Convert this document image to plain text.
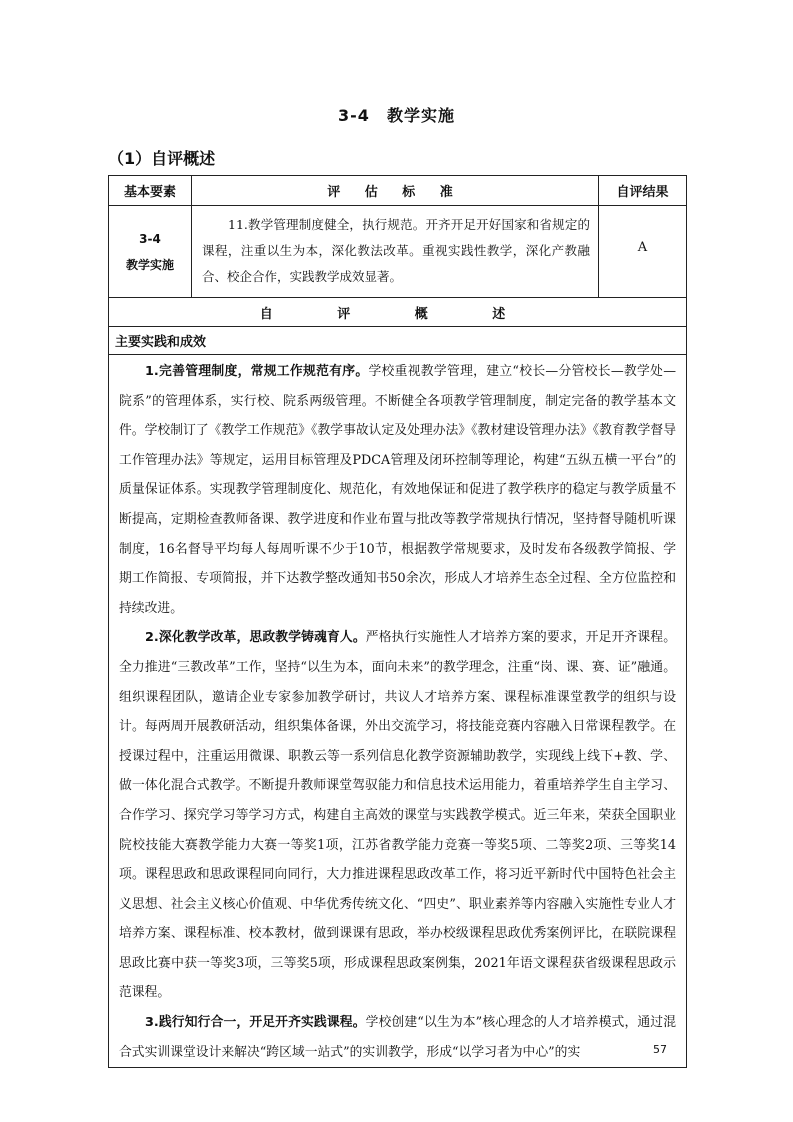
3-4　教学实施
（1）自评概述
基本要素	评 估 标 准	自评结果

3-4
教学实施	11.教学管理制度健全，执行规范。开齐开足开好国家和省规定的课程，注重以生为本，深化教法改革。重视实践性教学，深化产教融合、校企合作，实践教学成效显著。	A
自 评 概 述		
主要实践和成效		

1.完善管理制度，常规工作规范有序。学校重视教学管理，建立“校长—分管校长—教学处—院系”的管理体系，实行校、院系两级管理。不断健全各项教学管理制度，制定完备的教学基本文件。学校制订了《教学工作规范》《教学事故认定及处理办法》《教材建设管理办法》《教育教学督导工作管理办法》等规定，运用目标管理及PDCA管理及闭环控制等理论，构建“五纵五横一平台”的质量保证体系。实现教学管理制度化、规范化，有效地保证和促进了教学秩序的稳定与教学质量不断提高，定期检查教师备课、教学进度和作业布置与批改等教学常规执行情况，坚持督导随机听课制度，16名督导平均每人每周听课不少于10节，根据教学常规要求，及时发布各级教学简报、学期工作简报、专项简报，并下达教学整改通知书50余次，形成人才培养生态全过程、全方位监控和持续改进。

2.深化教学改革，思政教学铸魂育人。严格执行实施性人才培养方案的要求，开足开齐课程。全力推进“三教改革”工作，坚持“以生为本，面向未来”的教学理念，注重“岗、课、赛、证”融通。组织课程团队，邀请企业专家参加教学研讨，共议人才培养方案、课程标准课堂教学的组织与设计。每两周开展教研活动，组织集体备课，外出交流学习，将技能竞赛内容融入日常课程教学。在授课过程中，注重运用微课、职教云等一系列信息化教学资源辅助教学，实现线上线下+教、学、做一体化混合式教学。不断提升教师课堂驾驭能力和信息技术运用能力，着重培养学生自主学习、合作学习、探究学习等学习方式，构建自主高效的课堂与实践教学模式。近三年来，荣获全国职业院校技能大赛教学能力大赛一等奖1项，江苏省教学能力竞赛一等奖5项、二等奖2项、三等奖14项。课程思政和思政课程同向同行，大力推进课程思政改革工作，将习近平新时代中国特色社会主义思想、社会主义核心价值观、中华优秀传统文化、“四史”、职业素养等内容融入实施性专业人才培养方案、课程标准、校本教材，做到课课有思政，举办校级课程思政优秀案例评比，在联院课程思政比赛中获一等奖3项，三等奖5项，形成课程思政案例集，2021年语文课程获省级课程思政示范课程。

3.践行知行合一，开足开齐实践课程。学校创建“以生为本”核心理念的人才培养模式，通过混合式实训课堂设计来解决“跨区域一站式”的实训教学，形成“以学习者为中心”的实			57
